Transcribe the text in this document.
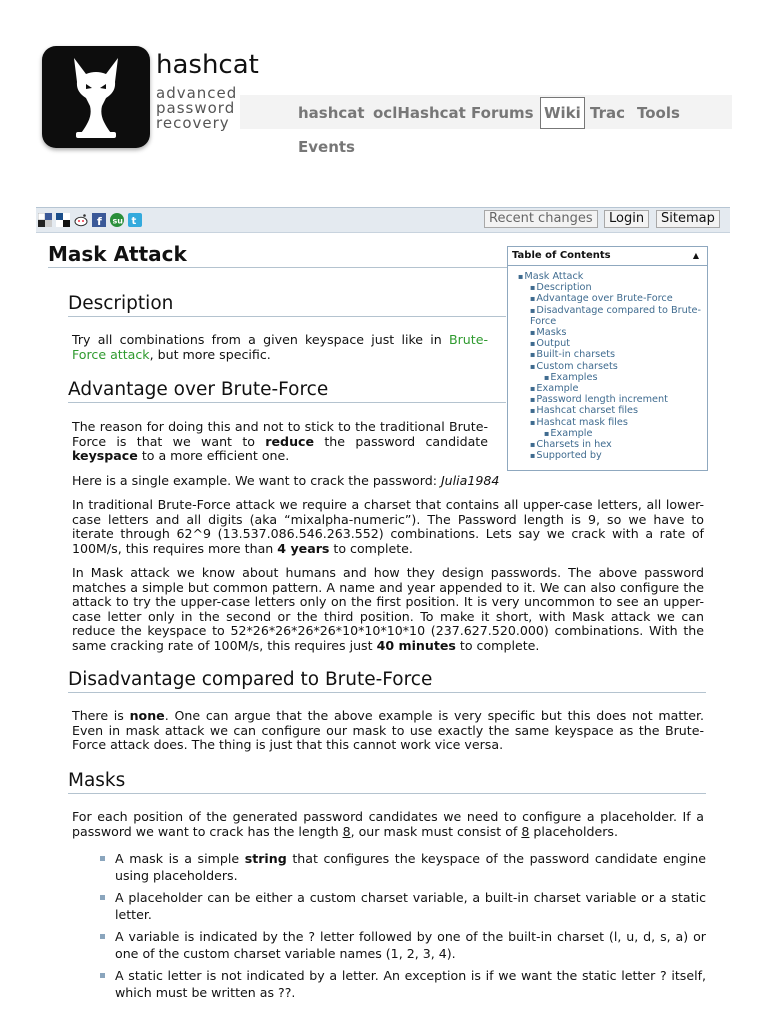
hashcat
advanced
password
recovery
hashcat oclHashcat Forums Wiki Trac Tools
Events
f su t	Recent changes	Login	Sitemap
Mask Attack	Table of Contents	▲
▪Mask Attack
▪Description
▪Advantage over Brute-Force
▪Disadvantage compared to Brute-Force
▪Masks
▪Output
▪Built-in charsets
▪Custom charsets
▪Examples
▪Example
▪Password length increment
▪Hashcat charset files
▪Hashcat mask files
▪Example
▪Charsets in hex
▪Supported by
Description
Try all combinations from a given keyspace just like in Brute-Force attack, but more specific.
Advantage over Brute-Force
The reason for doing this and not to stick to the traditional Brute-Force is that we want to reduce the password candidate keyspace to a more efficient one.
Here is a single example. We want to crack the password: Julia1984
In traditional Brute-Force attack we require a charset that contains all upper-case letters, all lower-case letters and all digits (aka “mixalpha-numeric”). The Password length is 9, so we have to iterate through 62^9 (13.537.086.546.263.552) combinations. Lets say we crack with a rate of 100M/s, this requires more than 4 years to complete.
In Mask attack we know about humans and how they design passwords. The above password matches a simple but common pattern. A name and year appended to it. We can also configure the attack to try the upper-case letters only on the first position. It is very uncommon to see an upper-case letter only in the second or the third position. To make it short, with Mask attack we can reduce the keyspace to 52*26*26*26*26*10*10*10*10 (237.627.520.000) combinations. With the same cracking rate of 100M/s, this requires just 40 minutes to complete.
Disadvantage compared to Brute-Force
There is none. One can argue that the above example is very specific but this does not matter. Even in mask attack we can configure our mask to use exactly the same keyspace as the Brute-Force attack does. The thing is just that this cannot work vice versa.
Masks
For each position of the generated password candidates we need to configure a placeholder. If a password we want to crack has the length 8, our mask must consist of 8 placeholders.
A mask is a simple string that configures the keyspace of the password candidate engine using placeholders.
A placeholder can be either a custom charset variable, a built-in charset variable or a static letter.
A variable is indicated by the ? letter followed by one of the built-in charset (l, u, d, s, a) or one of the custom charset variable names (1, 2, 3, 4).
A static letter is not indicated by a letter. An exception is if we want the static letter ? itself, which must be written as ??.
